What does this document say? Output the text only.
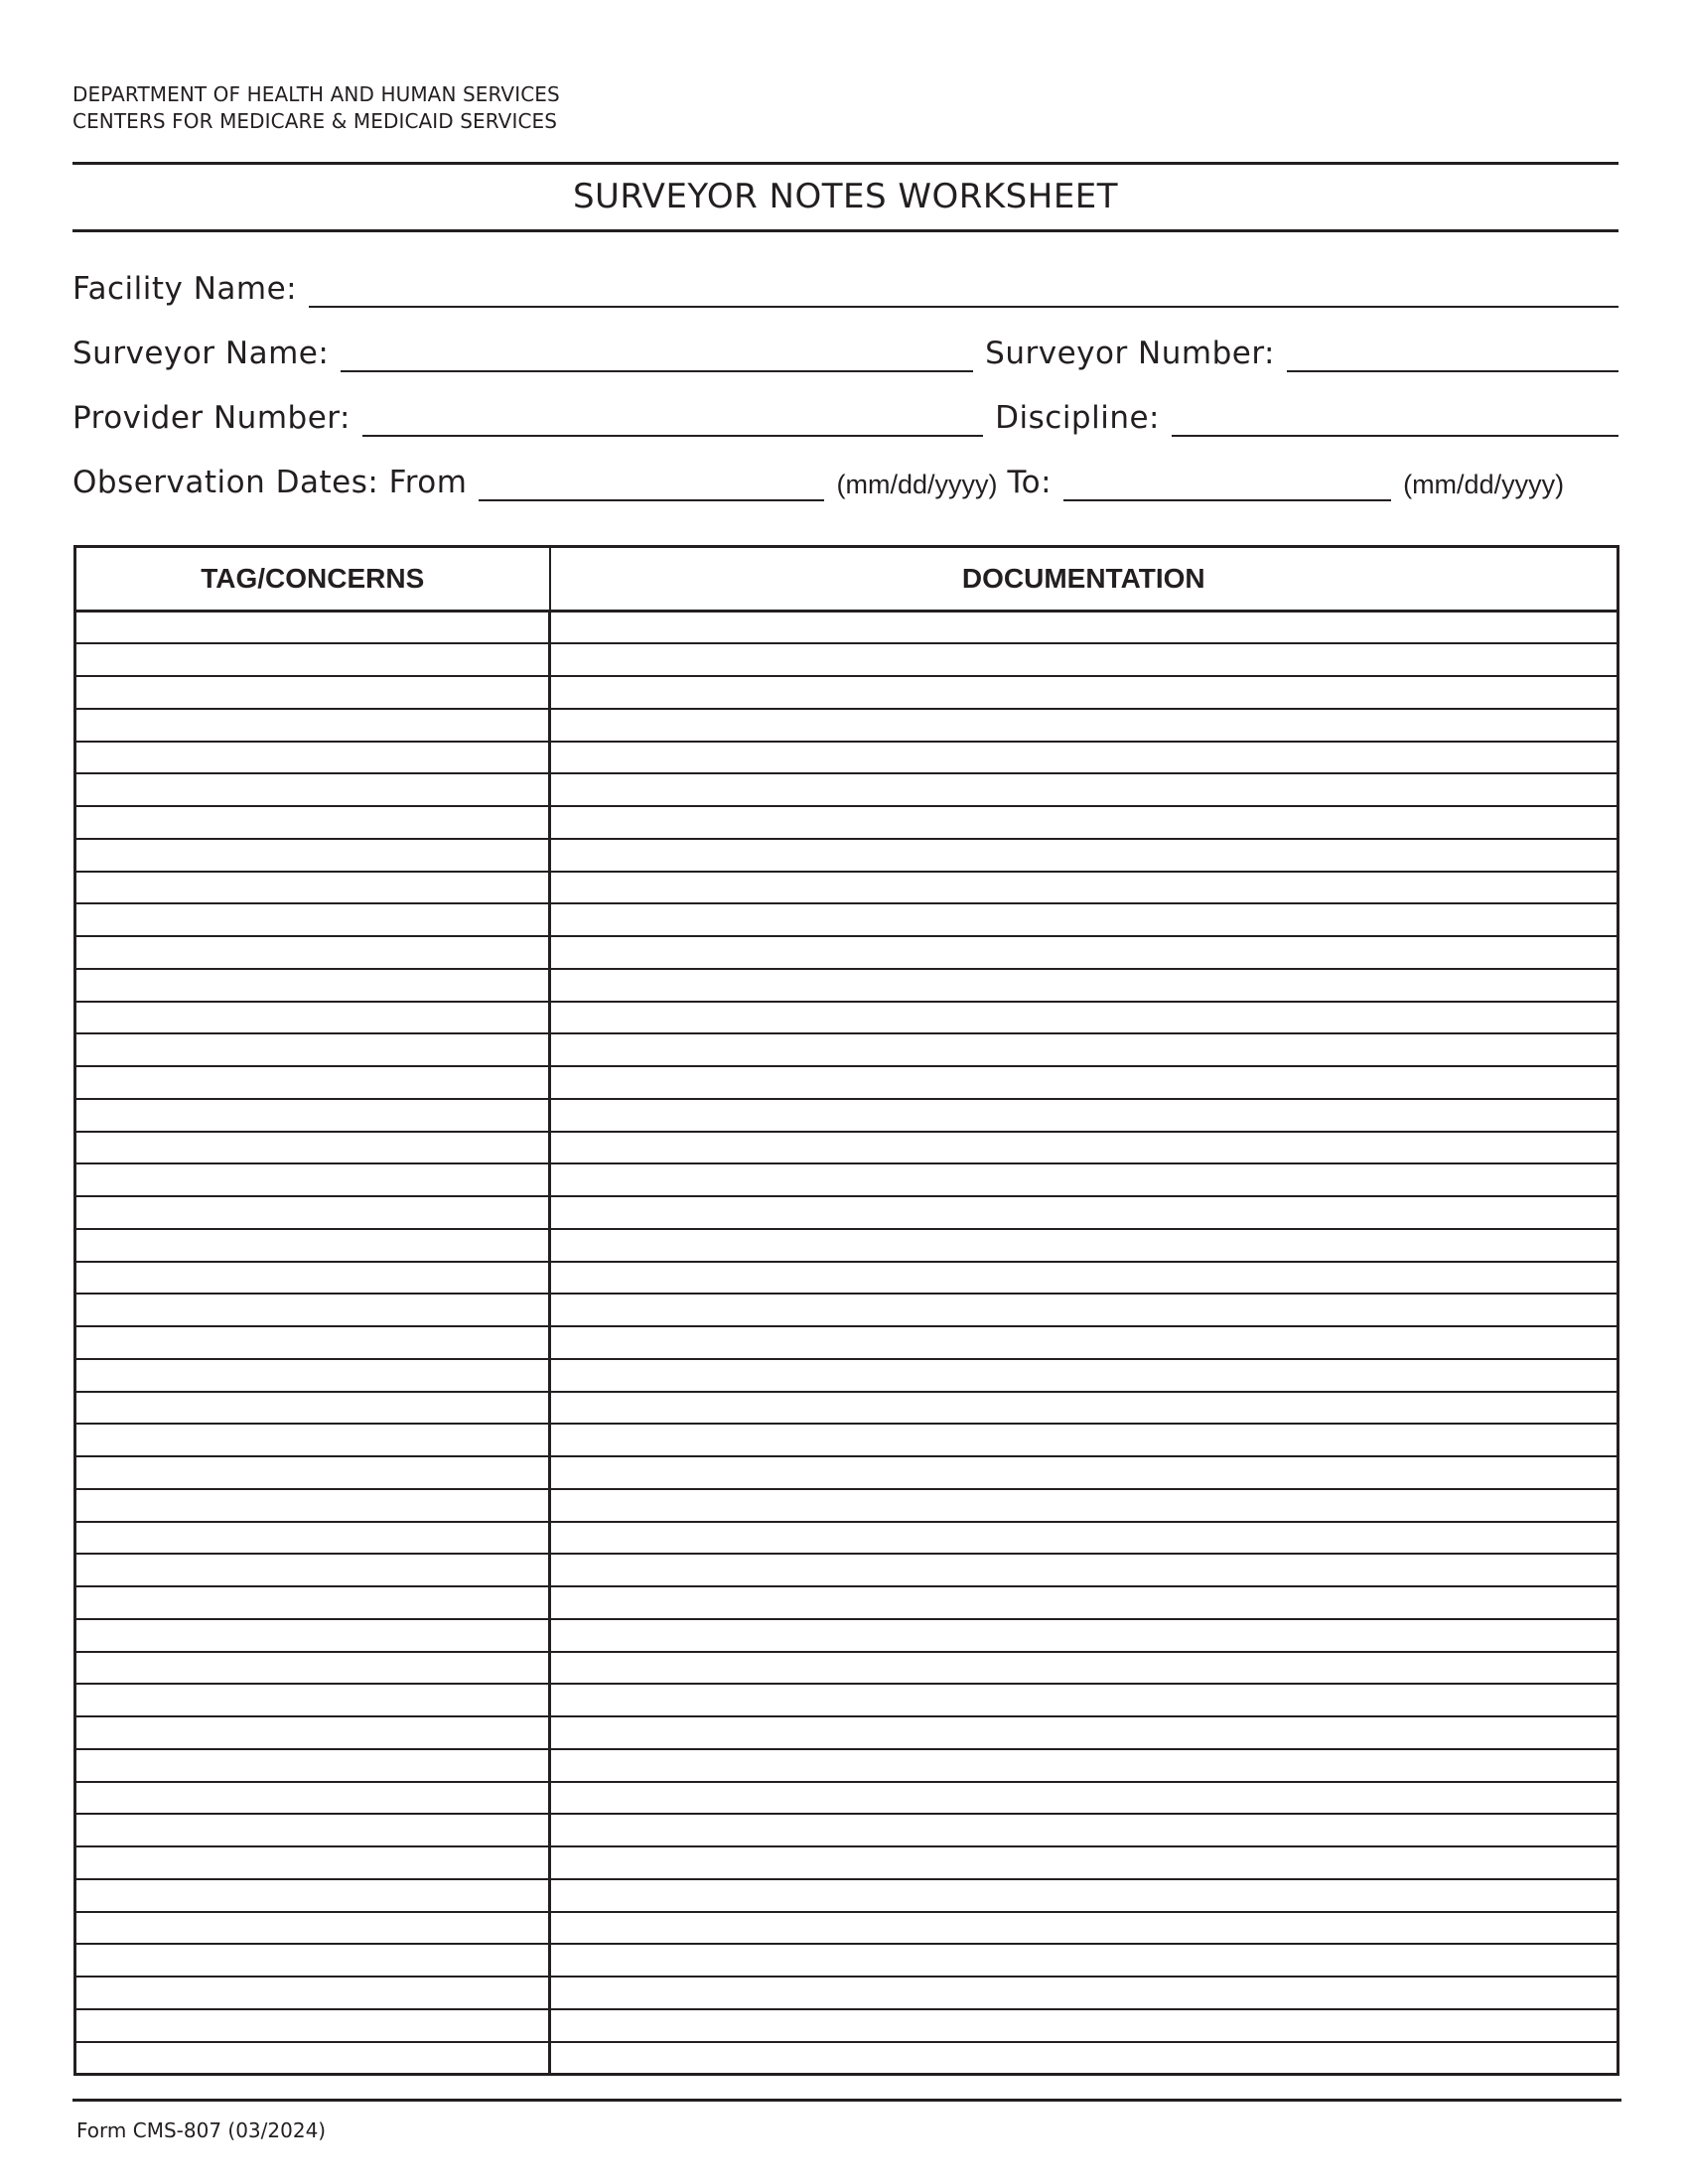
DEPARTMENT OF HEALTH AND HUMAN SERVICES
CENTERS FOR MEDICARE & MEDICAID SERVICES
SURVEYOR NOTES WORKSHEET
Facility Name:
Surveyor Name:	Surveyor Number:
Provider Number:	Discipline:
Observation Dates: From	(mm/dd/yyyy) To:	(mm/dd/yyyy)
TAG/CONCERNS	DOCUMENTATION

Form CMS-807 (03/2024)
